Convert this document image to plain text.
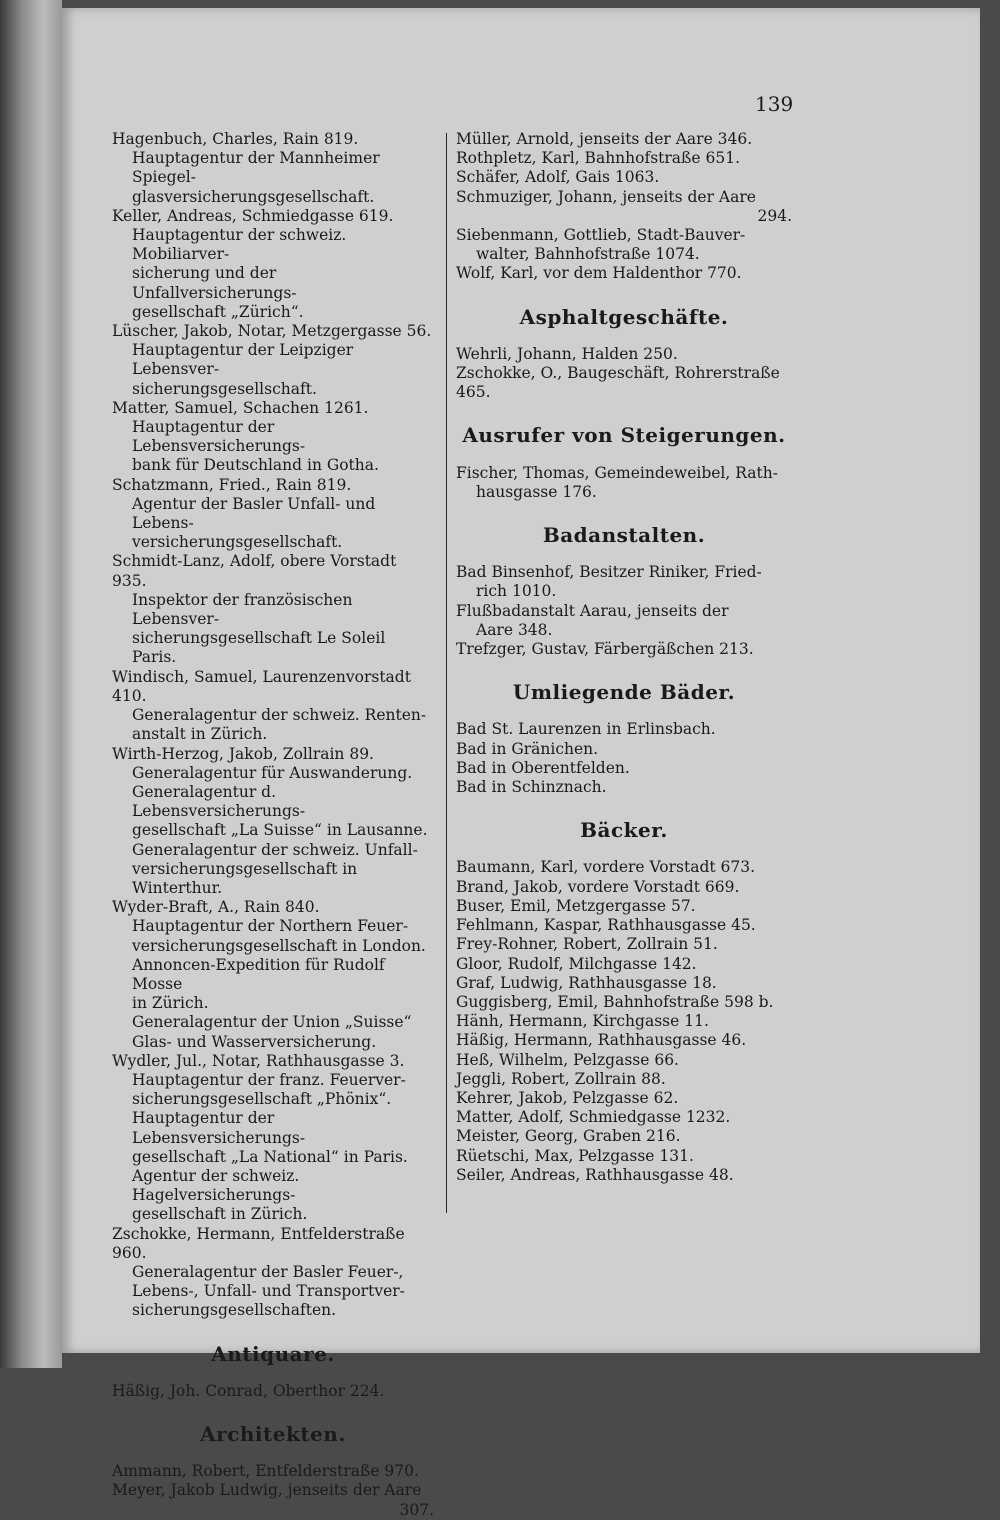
139
Hagenbuch, Charles, Rain 819.
Hauptagentur der Mannheimer Spiegel-
glasversicherungsgesellschaft.
Keller, Andreas, Schmiedgasse 619.
Hauptagentur der schweiz. Mobiliarver-
sicherung und der Unfallversicherungs-
gesellschaft „Zürich“.
Lüscher, Jakob, Notar, Metzgergasse 56.
Hauptagentur der Leipziger Lebensver-
sicherungsgesellschaft.
Matter, Samuel, Schachen 1261.
Hauptagentur der Lebensversicherungs-
bank für Deutschland in Gotha.
Schatzmann, Fried., Rain 819.
Agentur der Basler Unfall- und Lebens-
versicherungsgesellschaft.
Schmidt-Lanz, Adolf, obere Vorstadt 935.
Inspektor der französischen Lebensver-
sicherungsgesellschaft Le Soleil Paris.
Windisch, Samuel, Laurenzenvorstadt 410.
Generalagentur der schweiz. Renten-
anstalt in Zürich.
Wirth-Herzog, Jakob, Zollrain 89.
Generalagentur für Auswanderung.
Generalagentur d. Lebensversicherungs-
gesellschaft „La Suisse“ in Lausanne.
Generalagentur der schweiz. Unfall-
versicherungsgesellschaft in Winterthur.
Wyder-Braft, A., Rain 840.
Hauptagentur der Northern Feuer-
versicherungsgesellschaft in London.
Annoncen-Expedition für Rudolf Mosse
in Zürich.
Generalagentur der Union „Suisse“
Glas- und Wasserversicherung.
Wydler, Jul., Notar, Rathhausgasse 3.
Hauptagentur der franz. Feuerver-
sicherungsgesellschaft „Phönix“.
Hauptagentur der Lebensversicherungs-
gesellschaft „La National“ in Paris.
Agentur der schweiz. Hagelversicherungs-
gesellschaft in Zürich.
Zschokke, Hermann, Entfelderstraße 960.
Generalagentur der Basler Feuer-,
Lebens-, Unfall- und Transportver-
sicherungsgesellschaften.
Antiquare.
Häßig, Joh. Conrad, Oberthor 224.
Architekten.
Ammann, Robert, Entfelderstraße 970.
Meyer, Jakob Ludwig, jenseits der Aare
307.
Müller, Arnold, jenseits der Aare 346.
Rothpletz, Karl, Bahnhofstraße 651.
Schäfer, Adolf, Gais 1063.
Schmuziger, Johann, jenseits der Aare
294.
Siebenmann, Gottlieb, Stadt-Bauver-
walter, Bahnhofstraße 1074.
Wolf, Karl, vor dem Haldenthor 770.
Asphaltgeschäfte.
Wehrli, Johann, Halden 250.
Zschokke, O., Baugeschäft, Rohrerstraße 465.
Ausrufer von Steigerungen.
Fischer, Thomas, Gemeindeweibel, Rath-
hausgasse 176.
Badanstalten.
Bad Binsenhof, Besitzer Riniker, Fried-
rich 1010.
Flußbadanstalt Aarau, jenseits der
Aare 348.
Trefzger, Gustav, Färbergäßchen 213.
Umliegende Bäder.
Bad St. Laurenzen in Erlinsbach.
Bad in Gränichen.
Bad in Oberentfelden.
Bad in Schinznach.
Bäcker.
Baumann, Karl, vordere Vorstadt 673.
Brand, Jakob, vordere Vorstadt 669.
Buser, Emil, Metzgergasse 57.
Fehlmann, Kaspar, Rathhausgasse 45.
Frey-Rohner, Robert, Zollrain 51.
Gloor, Rudolf, Milchgasse 142.
Graf, Ludwig, Rathhausgasse 18.
Guggisberg, Emil, Bahnhofstraße 598 b.
Hänh, Hermann, Kirchgasse 11.
Häßig, Hermann, Rathhausgasse 46.
Heß, Wilhelm, Pelzgasse 66.
Jeggli, Robert, Zollrain 88.
Kehrer, Jakob, Pelzgasse 62.
Matter, Adolf, Schmiedgasse 1232.
Meister, Georg, Graben 216.
Rüetschi, Max, Pelzgasse 131.
Seiler, Andreas, Rathhausgasse 48.
